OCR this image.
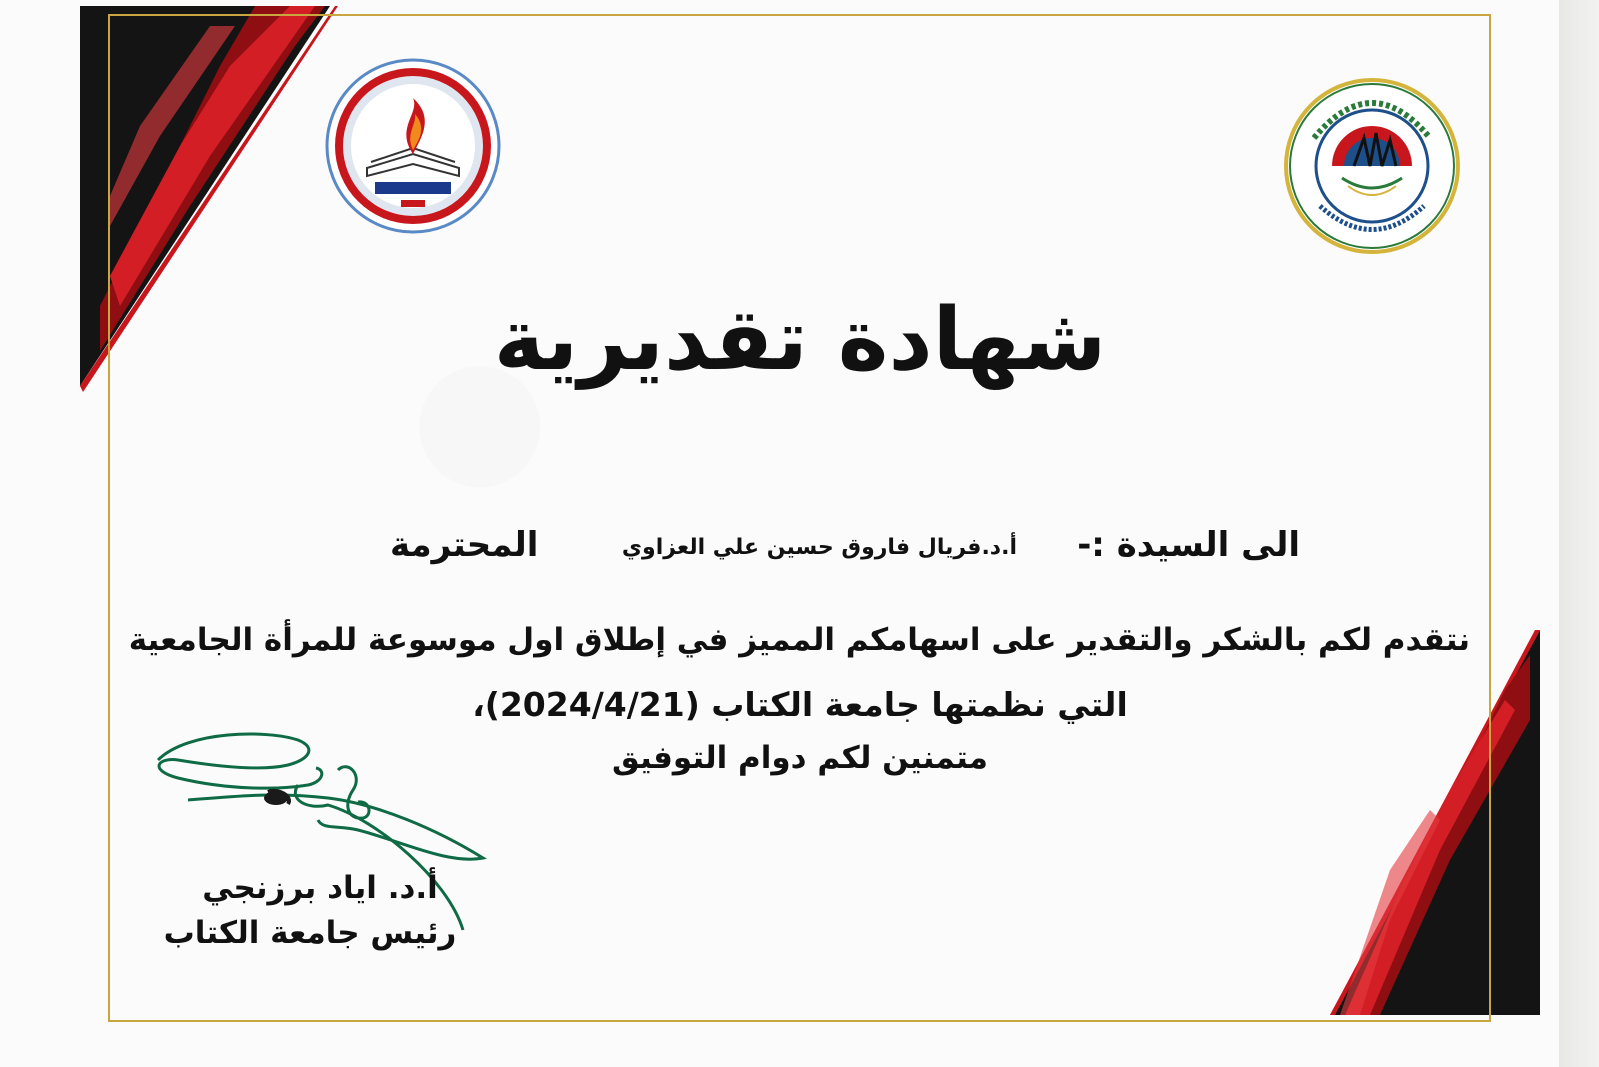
شهادة تقديرية
الى السيدة :-
أ.د.فريال فاروق حسين علي العزاوي
المحترمة
نتقدم لكم بالشكر والتقدير على اسهامكم المميز في إطلاق اول موسوعة للمرأة الجامعية
التي نظمتها جامعة الكتاب (2024/4/21)،
متمنين لكم دوام التوفيق
أ.د. اياد برزنجي
رئيس جامعة الكتاب
